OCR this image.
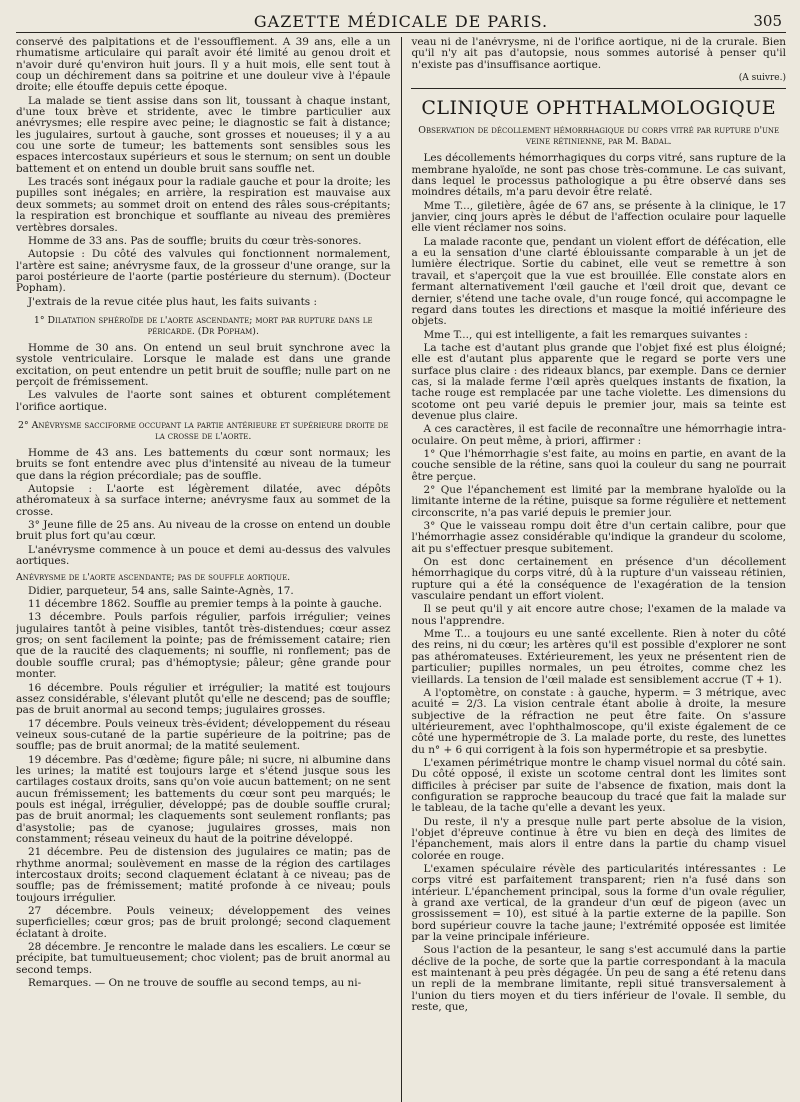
GAZETTE MÉDICALE DE PARIS.	305

conservé des palpitations et de l'essoufflement. A 39 ans, elle a un rhumatisme articulaire qui paraît avoir été limité au genou droit et n'avoir duré qu'environ huit jours. Il y a huit mois, elle sent tout à coup un déchirement dans sa poitrine et une douleur vive à l'épaule droite; elle étouffe depuis cette époque.

La malade se tient assise dans son lit, toussant à chaque instant, d'une toux brève et stridente, avec le timbre particulier aux anévrysmes; elle respire avec peine; le diagnostic se fait à distance; les jugulaires, surtout à gauche, sont grosses et noueuses; il y a au cou une sorte de tumeur; les battements sont sensibles sous les espaces intercostaux supérieurs et sous le sternum; on sent un double battement et on entend un double bruit sans souffle net.

Les tracés sont inégaux pour la radiale gauche et pour la droite; les pupilles sont inégales; en arrière, la respiration est mauvaise aux deux sommets; au sommet droit on entend des râles sous-crépitants; la respiration est bronchique et soufflante au niveau des premières vertèbres dorsales.

Homme de 33 ans. Pas de souffle; bruits du cœur très-sonores.

Autopsie : Du côté des valvules qui fonctionnent normalement, l'artère est saine; anévrysme faux, de la grosseur d'une orange, sur la paroi postérieure de l'aorte (partie postérieure du sternum). (Docteur Popham).

J'extrais de la revue citée plus haut, les faits suivants :

1° Dilatation sphéroïde de l'aorte ascendante; mort par rupture dans le péricarde. (Dr Popham).

Homme de 30 ans. On entend un seul bruit synchrone avec la systole ventriculaire. Lorsque le malade est dans une grande excitation, on peut entendre un petit bruit de souffle; nulle part on ne perçoit de frémissement.

Les valvules de l'aorte sont saines et obturent complétement l'orifice aortique.

2° Anévrysme sacciforme occupant la partie antérieure et supérieure droite de la crosse de l'aorte.

Homme de 43 ans. Les battements du cœur sont normaux; les bruits se font entendre avec plus d'intensité au niveau de la tumeur que dans la région précordiale; pas de souffle.

Autopsie : L'aorte est légèrement dilatée, avec dépôts athéromateux à sa surface interne; anévrysme faux au sommet de la crosse.

3° Jeune fille de 25 ans. Au niveau de la crosse on entend un double bruit plus fort qu'au cœur.

L'anévrysme commence à un pouce et demi au-dessus des valvules aortiques.

Anévrysme de l'aorte ascendante; pas de souffle aortique.

Didier, parqueteur, 54 ans, salle Sainte-Agnès, 17.

11 décembre 1862. Souffle au premier temps à la pointe à gauche.

13 décembre. Pouls parfois régulier, parfois irrégulier; veines jugulaires tantôt à peine visibles, tantôt très-distendues; cœur assez gros; on sent facilement la pointe; pas de frémissement cataire; rien que de la raucité des claquements; ni souffle, ni ronflement; pas de double souffle crural; pas d'hémoptysie; pâleur; gêne grande pour monter.

16 décembre. Pouls régulier et irrégulier; la matité est toujours assez considérable, s'élevant plutôt qu'elle ne descend; pas de souffle; pas de bruit anormal au second temps; jugulaires grosses.

17 décembre. Pouls veineux très-évident; développement du réseau veineux sous-cutané de la partie supérieure de la poitrine; pas de souffle; pas de bruit anormal; de la matité seulement.

19 décembre. Pas d'œdème; figure pâle; ni sucre, ni albumine dans les urines; la matité est toujours large et s'étend jusque sous les cartilages costaux droits, sans qu'on voie aucun battement; on ne sent aucun frémissement; les battements du cœur sont peu marqués; le pouls est inégal, irrégulier, développé; pas de double souffle crural; pas de bruit anormal; les claquements sont seulement ronflants; pas d'asystolie; pas de cyanose; jugulaires grosses, mais non constamment; réseau veineux du haut de la poitrine développé.

21 décembre. Peu de distension des jugulaires ce matin; pas de rhythme anormal; soulèvement en masse de la région des cartilages intercostaux droits; second claquement éclatant à ce niveau; pas de souffle; pas de frémissement; matité profonde à ce niveau; pouls toujours irrégulier.

27 décembre. Pouls veineux; développement des veines superficielles; cœur gros; pas de bruit prolongé; second claquement éclatant à droite.

28 décembre. Je rencontre le malade dans les escaliers. Le cœur se précipite, bat tumultueusement; choc violent; pas de bruit anormal au second temps.

Remarques. — On ne trouve de souffle au second temps, au ni-

veau ni de l'anévrysme, ni de l'orifice aortique, ni de la crurale. Bien qu'il n'y ait pas d'autopsie, nous sommes autorisé à penser qu'il n'existe pas d'insuffisance aortique.

(A suivre.)

CLINIQUE OPHTHALMOLOGIQUE
Observation de décollement hémorrhagique du corps vitré par rupture d'une veine rétinienne, par M. Badal.

Les décollements hémorrhagiques du corps vitré, sans rupture de la membrane hyaloïde, ne sont pas chose très-commune. Le cas suivant, dans lequel le processus pathologique a pu être observé dans ses moindres détails, m'a paru devoir être relaté.

Mme T..., giletière, âgée de 67 ans, se présente à la clinique, le 17 janvier, cinq jours après le début de l'affection oculaire pour laquelle elle vient réclamer nos soins.

La malade raconte que, pendant un violent effort de défécation, elle a eu la sensation d'une clarté éblouissante comparable à un jet de lumière électrique. Sortie du cabinet, elle veut se remettre à son travail, et s'aperçoit que la vue est brouillée. Elle constate alors en fermant alternativement l'œil gauche et l'œil droit que, devant ce dernier, s'étend une tache ovale, d'un rouge foncé, qui accompagne le regard dans toutes les directions et masque la moitié inférieure des objets.

Mme T..., qui est intelligente, a fait les remarques suivantes :

La tache est d'autant plus grande que l'objet fixé est plus éloigné; elle est d'autant plus apparente que le regard se porte vers une surface plus claire : des rideaux blancs, par exemple. Dans ce dernier cas, si la malade ferme l'œil après quelques instants de fixation, la tache rouge est remplacée par une tache violette. Les dimensions du scotome ont peu varié depuis le premier jour, mais sa teinte est devenue plus claire.

A ces caractères, il est facile de reconnaître une hémorrhagie intra-oculaire. On peut même, à priori, affirmer :

1° Que l'hémorrhagie s'est faite, au moins en partie, en avant de la couche sensible de la rétine, sans quoi la couleur du sang ne pourrait être perçue.

2° Que l'épanchement est limité par la membrane hyaloïde ou la limitante interne de la rétine, puisque sa forme régulière et nettement circonscrite, n'a pas varié depuis le premier jour.

3° Que le vaisseau rompu doit être d'un certain calibre, pour que l'hémorrhagie assez considérable qu'indique la grandeur du scolome, ait pu s'effectuer presque subitement.

On est donc certainement en présence d'un décollement hémorrhagique du corps vitré, dû à la rupture d'un vaisseau rétinien, rupture qui a été la conséquence de l'exagération de la tension vasculaire pendant un effort violent.

Il se peut qu'il y ait encore autre chose; l'examen de la malade va nous l'apprendre.

Mme T... a toujours eu une santé excellente. Rien à noter du côté des reins, ni du cœur; les artères qu'il est possible d'explorer ne sont pas athéromateuses. Extérieurement, les yeux ne présentent rien de particulier; pupilles normales, un peu étroites, comme chez les vieillards. La tension de l'œil malade est sensiblement accrue (T + 1).

A l'optomètre, on constate : à gauche, hyperm. = 3 métrique, avec acuité = 2/3. La vision centrale étant abolie à droite, la mesure subjective de la réfraction ne peut être faite. On s'assure ultérieurement, avec l'ophthalmoscope, qu'il existe également de ce côté une hypermétropie de 3. La malade porte, du reste, des lunettes du n° + 6 qui corrigent à la fois son hypermétropie et sa presbytie.

L'examen périmétrique montre le champ visuel normal du côté sain. Du côté opposé, il existe un scotome central dont les limites sont difficiles à préciser par suite de l'absence de fixation, mais dont la configuration se rapproche beaucoup du tracé que fait la malade sur le tableau, de la tache qu'elle a devant les yeux.

Du reste, il n'y a presque nulle part perte absolue de la vision, l'objet d'épreuve continue à être vu bien en deçà des limites de l'épanchement, mais alors il entre dans la partie du champ visuel colorée en rouge.

L'examen spéculaire révèle des particularités intéressantes : Le corps vitré est parfaitement transparent; rien n'a fusé dans son intérieur. L'épanchement principal, sous la forme d'un ovale régulier, à grand axe vertical, de la grandeur d'un œuf de pigeon (avec un grossissement = 10), est situé à la partie externe de la papille. Son bord supérieur couvre la tache jaune; l'extrémité opposée est limitée par la veine principale inférieure.

Sous l'action de la pesanteur, le sang s'est accumulé dans la partie déclive de la poche, de sorte que la partie correspondant à la macula est maintenant à peu près dégagée. Un peu de sang a été retenu dans un repli de la membrane limitante, repli situé transversalement à l'union du tiers moyen et du tiers inférieur de l'ovale. Il semble, du reste, que,
